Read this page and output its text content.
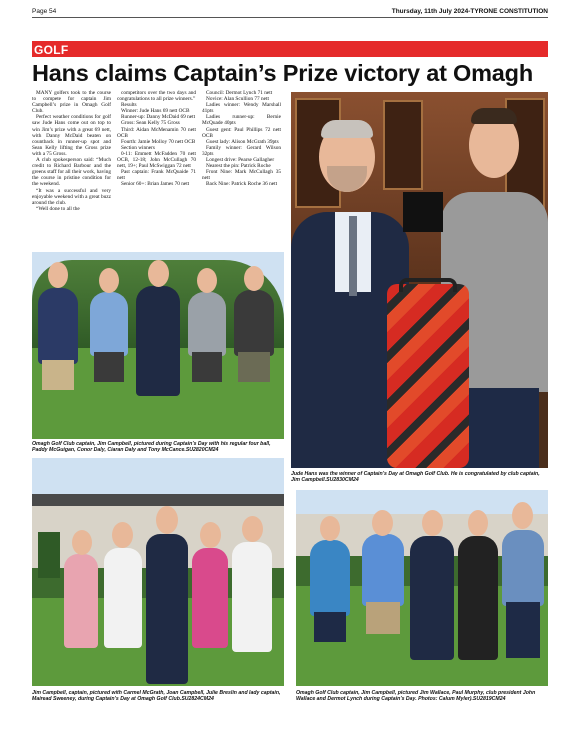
Page 54	Thursday, 11th July 2024-TYRONE CONSTITUTION
GOLF
Hans claims Captain’s Prize victory at Omagh

MANY golfers took to the course to compete for captain Jim Campbell’s prize in Omagh Golf Club.

Perfect weather conditions for golf saw Jude Hans come out on top to win Jim’s prize with a great 69 nett, with Danny McDaid beaten on countback in runner-up spot and Sean Kelly lifting the Gross prize with a 75 Gross.

A club spokesperson said: “Much credit to Richard Barbour and the greens staff for all their work, having the course in pristine condition for the weekend.

“It was a successful and very enjoyable weekend with a great buzz around the club.

“Well done to all the

competitors over the two days and congratulations to all prize winners.”

Results

Winner: Jude Hans 69 nett OCB

Runner-up: Danny McDaid 69 nett

Gross: Sean Kelly 75 Gross

Third: Aidan McMenamin 70 nett OCB

Fourth: Jamie Molloy 70 nett OCB

Section winners

0-11: Emmett McFadden 70 nett OCB, 12-18; John McCullagh 70 nett, 19+; Paul McSwiggan 72 nett

Past captain: Frank McQuaide 71 nett

Senior 60+: Brian James 70 nett

Council: Dermot Lynch 71 nett

Novice: Alan Scullion 77 nett

Ladies winner: Wendy Marshall 41pts

Ladies runner-up: Bernie McQuade 40pts

Guest gent: Paul Phillips 72 nett OCB

Guest lady: Alison McGrath 39pts

Family winner: Gerard Wilson 32pts

Longest drive: Pearse Gallagher

Nearest the pin: Patrick Roche

Front Nine: Mark McCullagh 35 nett

Back Nine: Patrick Roche 36 nett

Jude Hans was the winner of Captain’s Day at Omagh Golf Club. He is congratulated by club captain, Jim Campbell.SU2830CM24
Omagh Golf Club captain, Jim Campbell, pictured during Captain’s Day with his regular four ball, Paddy McGuigan, Conor Daly, Ciaran Daly and Tony McCance.SU2820CM24
Jim Campbell, captain, pictured with Carmel McGrath, Joan Campbell, Julie Breslin and lady captain, Mairead Sweeney, during Captain’s Day at Omagh Golf Club.SU2824CM24
Omagh Golf Club captain, Jim Campbell, pictured Jim Wallace, Paul Murphy, club president John Wallace and Dermot Lynch during Captain’s Day. Photos: Calum Myler).SU2819CM24
